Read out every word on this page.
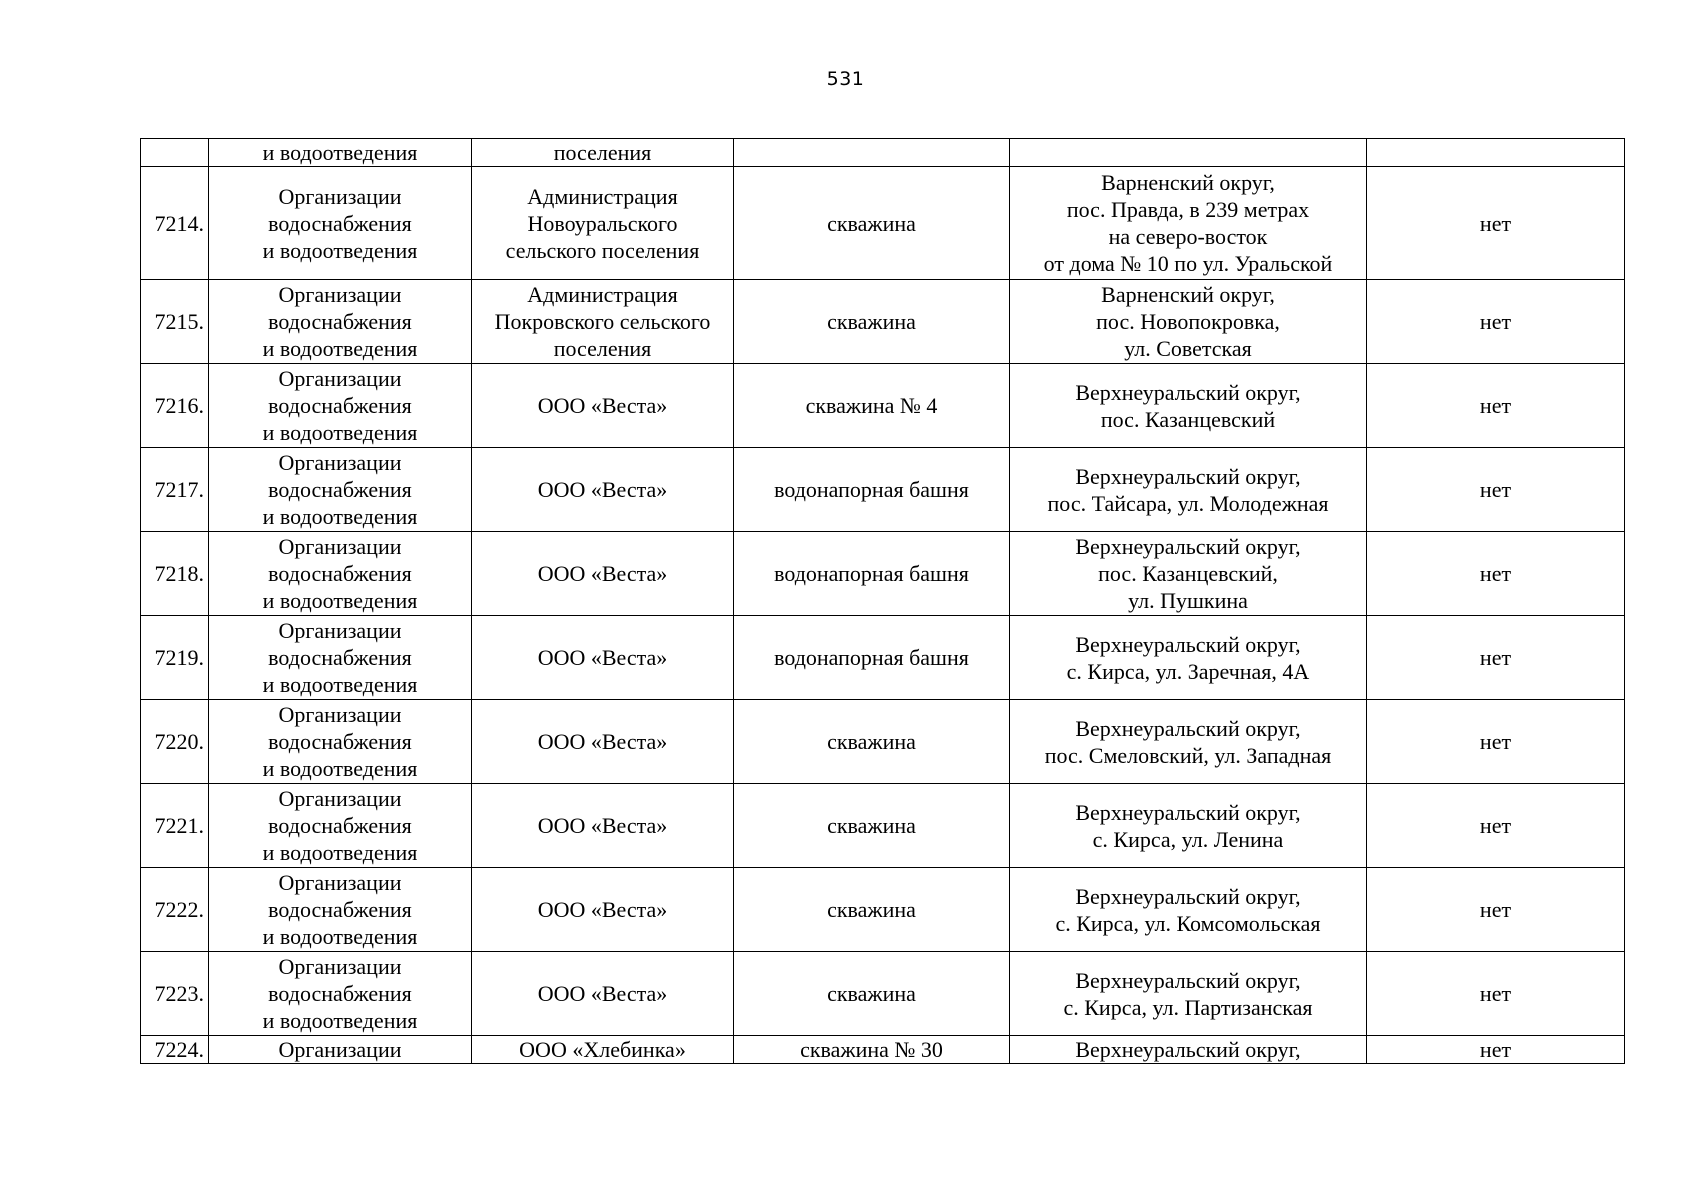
531
	и водоотведения	поселения			
7214.	Организации
водоснабжения
и водоотведения	Администрация
Новоуральского
сельского поселения	скважина	Варненский округ,
пос. Правда, в 239 метрах
на северо-восток
от дома № 10 по ул. Уральской	нет
7215.	Организации
водоснабжения
и водоотведения	Администрация
Покровского сельского
поселения	скважина	Варненский округ,
пос. Новопокровка,
ул. Советская	нет
7216.	Организации
водоснабжения
и водоотведения	ООО «Веста»	скважина № 4	Верхнеуральский округ,
пос. Казанцевский	нет
7217.	Организации
водоснабжения
и водоотведения	ООО «Веста»	водонапорная башня	Верхнеуральский округ,
пос. Тайсара, ул. Молодежная	нет
7218.	Организации
водоснабжения
и водоотведения	ООО «Веста»	водонапорная башня	Верхнеуральский округ,
пос. Казанцевский,
ул. Пушкина	нет
7219.	Организации
водоснабжения
и водоотведения	ООО «Веста»	водонапорная башня	Верхнеуральский округ,
с. Кирса, ул. Заречная, 4А	нет
7220.	Организации
водоснабжения
и водоотведения	ООО «Веста»	скважина	Верхнеуральский округ,
пос. Смеловский, ул. Западная	нет
7221.	Организации
водоснабжения
и водоотведения	ООО «Веста»	скважина	Верхнеуральский округ,
с. Кирса, ул. Ленина	нет
7222.	Организации
водоснабжения
и водоотведения	ООО «Веста»	скважина	Верхнеуральский округ,
с. Кирса, ул. Комсомольская	нет
7223.	Организации
водоснабжения
и водоотведения	ООО «Веста»	скважина	Верхнеуральский округ,
с. Кирса, ул. Партизанская	нет
7224.	Организации	ООО «Хлебинка»	скважина № 30	Верхнеуральский округ,	нет
